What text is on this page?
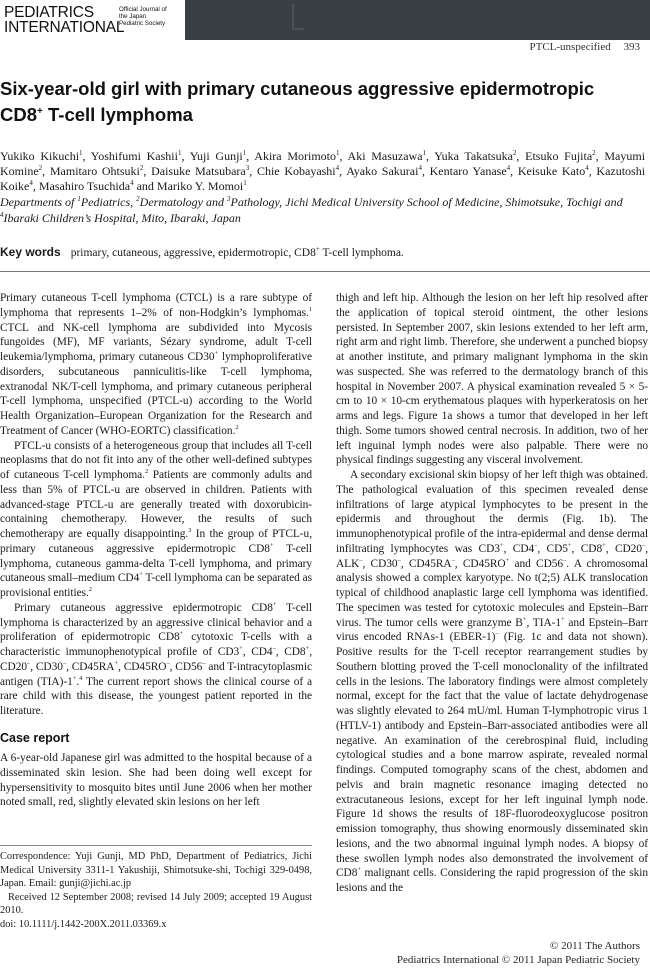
PEDIATRICS
INTERNATIONAL
Official Journal of
the Japan
Pediatric Society
PTCL-unspecified 393
Six-year-old girl with primary cutaneous aggressive epidermotropic CD8+ T-cell lymphoma
Yukiko Kikuchi$^1$, Yoshifumi Kashii$^1$, Yuji Gunji$^1$, Akira Morimoto$^1$, Aki Masuzawa$^1$, Yuka Takatsuka$^2$, Etsuko Fujita$^2$, Mayumi Komine$^2$, Mamitaro Ohtsuki$^2$, Daisuke Matsubara$^3$, Chie Kobayashi$^4$, Ayako Sakurai$^4$, Kentaro Yanase$^4$, Keisuke Kato$^4$, Kazutoshi Koike$^4$, Masahiro Tsuchida$^4$ and Mariko Y. Momoi$^1$
Departments of $^1$Pediatrics, $^2$Dermatology and $^3$Pathology, Jichi Medical University School of Medicine, Shimotsuke, Tochigi and $^4$Ibaraki Children’s Hospital, Mito, Ibaraki, Japan
Key words primary, cutaneous, aggressive, epidermotropic, CD8+ T-cell lymphoma.

Primary cutaneous T-cell lymphoma (CTCL) is a rare subtype of lymphoma that represents 1–2% of non-Hodgkin’s lymphomas.$^1$ CTCL and NK-cell lymphoma are subdivided into Mycosis fungoides (MF), MF variants, Sézary syndrome, adult T-cell leukemia/lymphoma, primary cutaneous CD30+ lymphoproliferative disorders, subcutaneous panniculitis-like T-cell lymphoma, extranodal NK/T-cell lymphoma, and primary cutaneous peripheral T-cell lymphoma, unspecified (PTCL-u) according to the World Health Organization–European Organization for the Research and Treatment of Cancer (WHO-EORTC) classification.$^2$

PTCL-u consists of a heterogeneous group that includes all T-cell neoplasms that do not fit into any of the other well-defined subtypes of cutaneous T-cell lymphoma.$^2$ Patients are commonly adults and less than 5% of PTCL-u are observed in children. Patients with advanced-stage PTCL-u are generally treated with doxorubicin-containing chemotherapy. However, the results of such chemotherapy are equally disappointing.$^3$ In the group of PTCL-u, primary cutaneous aggressive epidermotropic CD8+ T-cell lymphoma, cutaneous gamma-delta T-cell lymphoma, and primary cutaneous small–medium CD4+ T-cell lymphoma can be separated as provisional entities.$^2$

Primary cutaneous aggressive epidermotropic CD8+ T-cell lymphoma is characterized by an aggressive clinical behavior and a proliferation of epidermotropic CD8+ cytotoxic T-cells with a characteristic immunophenotypical profile of CD3+, CD4–, CD8+, CD20–, CD30–, CD45RA+, CD45RO–, CD56– and T-intracytoplasmic antigen (TIA)-1+.$^4$ The current report shows the clinical course of a rare child with this disease, the youngest patient reported in the literature.

Case report

A 6-year-old Japanese girl was admitted to the hospital because of a disseminated skin lesion. She had been doing well except for hypersensitivity to mosquito bites until June 2006 when her mother noted small, red, slightly elevated skin lesions on her left

Correspondence: Yuji Gunji, MD PhD, Department of Pediatrics, Jichi Medical University 3311-1 Yakushiji, Shimotsuke-shi, Tochigi 329-0498, Japan. Email: gunji@jichi.ac.jp
Received 12 September 2008; revised 14 July 2009; accepted 19 August 2010.
doi: 10.1111/j.1442-200X.2011.03369.x

thigh and left hip. Although the lesion on her left hip resolved after the application of topical steroid ointment, the other lesions persisted. In September 2007, skin lesions extended to her left arm, right arm and right limb. Therefore, she underwent a punched biopsy at another institute, and primary malignant lymphoma in the skin was suspected. She was referred to the dermatology branch of this hospital in November 2007. A physical examination revealed 5 × 5-cm to 10 × 10-cm erythematous plaques with hyperkeratosis on her arms and legs. Figure 1a shows a tumor that developed in her left thigh. Some tumors showed central necrosis. In addition, two of her left inguinal lymph nodes were also palpable. There were no physical findings suggesting any visceral involvement.

A secondary excisional skin biopsy of her left thigh was obtained. The pathological evaluation of this specimen revealed dense infiltrations of large atypical lymphocytes to be present in the epidermis and throughout the dermis (Fig. 1b). The immunophenotypical profile of the intra-epidermal and dense dermal infiltrating lymphocytes was CD3+, CD4–, CD5+, CD8+, CD20–, ALK–, CD30–, CD45RA–, CD45RO+ and CD56–. A chromosomal analysis showed a complex karyotype. No t(2;5) ALK translocation typical of childhood anaplastic large cell lymphoma was identified. The specimen was tested for cytotoxic molecules and Epstein–Barr virus. The tumor cells were granzyme B+, TIA-1+ and Epstein–Barr virus encoded RNAs-1 (EBER-1)– (Fig. 1c and data not shown). Positive results for the T-cell receptor rearrangement studies by Southern blotting proved the T-cell monoclonality of the infiltrated cells in the lesions. The laboratory findings were almost completely normal, except for the fact that the value of lactate dehydrogenase was slightly elevated to 264 mU/ml. Human T-lymphotropic virus 1 (HTLV-1) antibody and Epstein–Barr-associated antibodies were all negative. An examination of the cerebrospinal fluid, including cytological studies and a bone marrow aspirate, revealed normal findings. Computed tomography scans of the chest, abdomen and pelvis and brain magnetic resonance imaging detected no extracutaneous lesions, except for her left inguinal lymph node. Figure 1d shows the results of 18F-fluorodeoxyglucose positron emission tomography, thus showing enormously disseminated skin lesions, and the two abnormal inguinal lymph nodes. A biopsy of these swollen lymph nodes also demonstrated the involvement of CD8+ malignant cells. Considering the rapid progression of the skin lesions and the

© 2011 The Authors
Pediatrics International © 2011 Japan Pediatric Society
